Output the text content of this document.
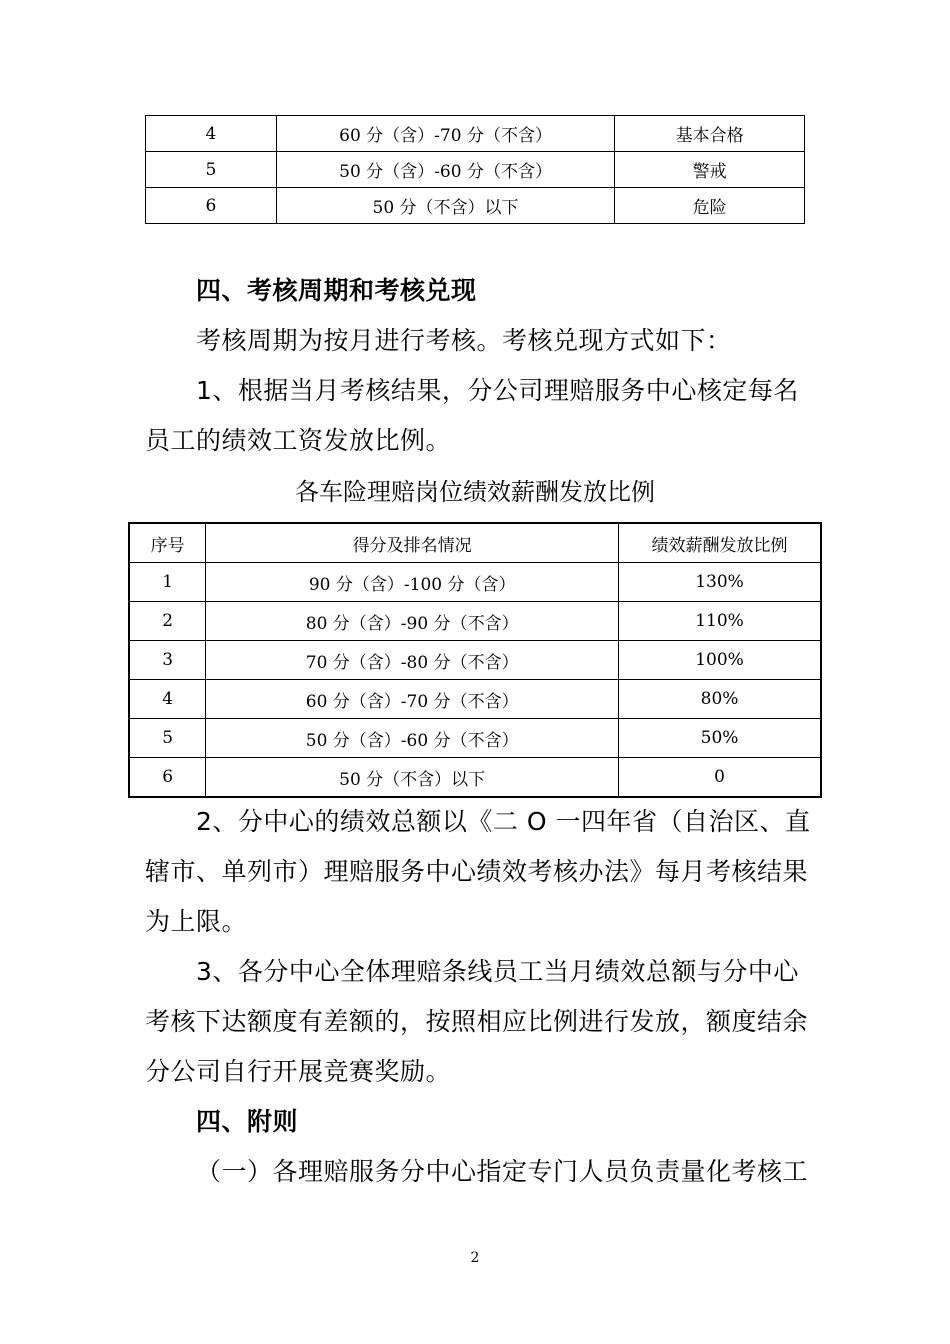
4	60 分（含）-70 分（不含）	基本合格
5	50 分（含）-60 分（不含）	警戒
6	50 分（不含）以下	危险
四、考核周期和考核兑现
考核周期为按月进行考核。考核兑现方式如下：
1、根据当月考核结果，分公司理赔服务中心核定每名
员工的绩效工资发放比例。
各车险理赔岗位绩效薪酬发放比例
序号	得分及排名情况	绩效薪酬发放比例
1	90 分（含）-100 分（含）	130%
2	80 分（含）-90 分（不含）	110%
3	70 分（含）-80 分（不含）	100%
4	60 分（含）-70 分（不含）	80%
5	50 分（含）-60 分（不含）	50%
6	50 分（不含）以下	0
2、分中心的绩效总额以《二 O 一四年省（自治区、直
辖市、单列市）理赔服务中心绩效考核办法》每月考核结果
为上限。
3、各分中心全体理赔条线员工当月绩效总额与分中心
考核下达额度有差额的，按照相应比例进行发放，额度结余
分公司自行开展竞赛奖励。
四、附则
（一）各理赔服务分中心指定专门人员负责量化考核工
2
